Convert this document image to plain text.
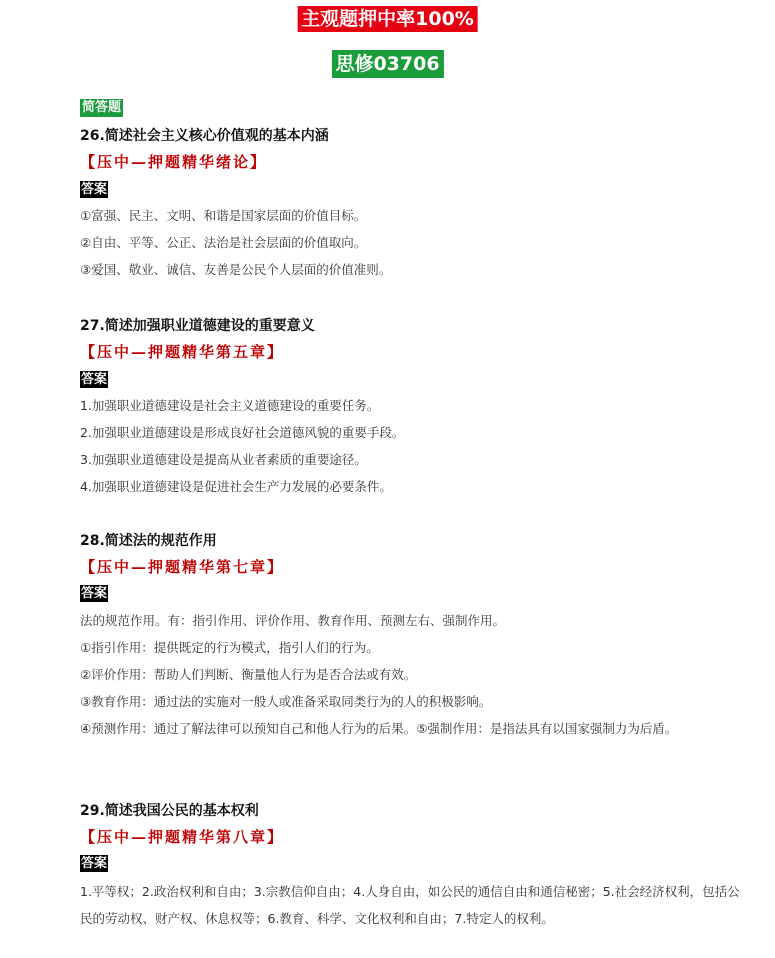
主观题押中率100%
思修03706
简答题
26.简述社会主义核心价值观的基本内涵
【压中—押题精华绪论】
答案
①富强、民主、文明、和谐是国家层面的价值目标。
②自由、平等、公正、法治是社会层面的价值取向。
③爱国、敬业、诚信、友善是公民个人层面的价值准则。
27.简述加强职业道德建设的重要意义
【压中—押题精华第五章】
答案
1.加强职业道德建设是社会主义道德建设的重要任务。
2.加强职业道德建设是形成良好社会道德风貌的重要手段。
3.加强职业道德建设是提高从业者素质的重要途径。
4.加强职业道德建设是促进社会生产力发展的必要条件。
28.简述法的规范作用
【压中—押题精华第七章】
答案
法的规范作用。有：指引作用、评价作用、教育作用、预测左右、强制作用。
①指引作用：提供既定的行为模式，指引人们的行为。
②评价作用：帮助人们判断、衡量他人行为是否合法或有效。
③教育作用：通过法的实施对一般人或准备采取同类行为的人的积极影响。
④预测作用：通过了解法律可以预知自己和他人行为的后果。⑤强制作用：是指法具有以国家强制力为后盾。
29.简述我国公民的基本权利
【压中—押题精华第八章】
答案
1.平等权；2.政治权利和自由；3.宗教信仰自由；4.人身自由，如公民的通信自由和通信秘密；5.社会经济权利，包括公民的劳动权、财产权、休息权等；6.教育、科学、文化权利和自由；7.特定人的权利。
